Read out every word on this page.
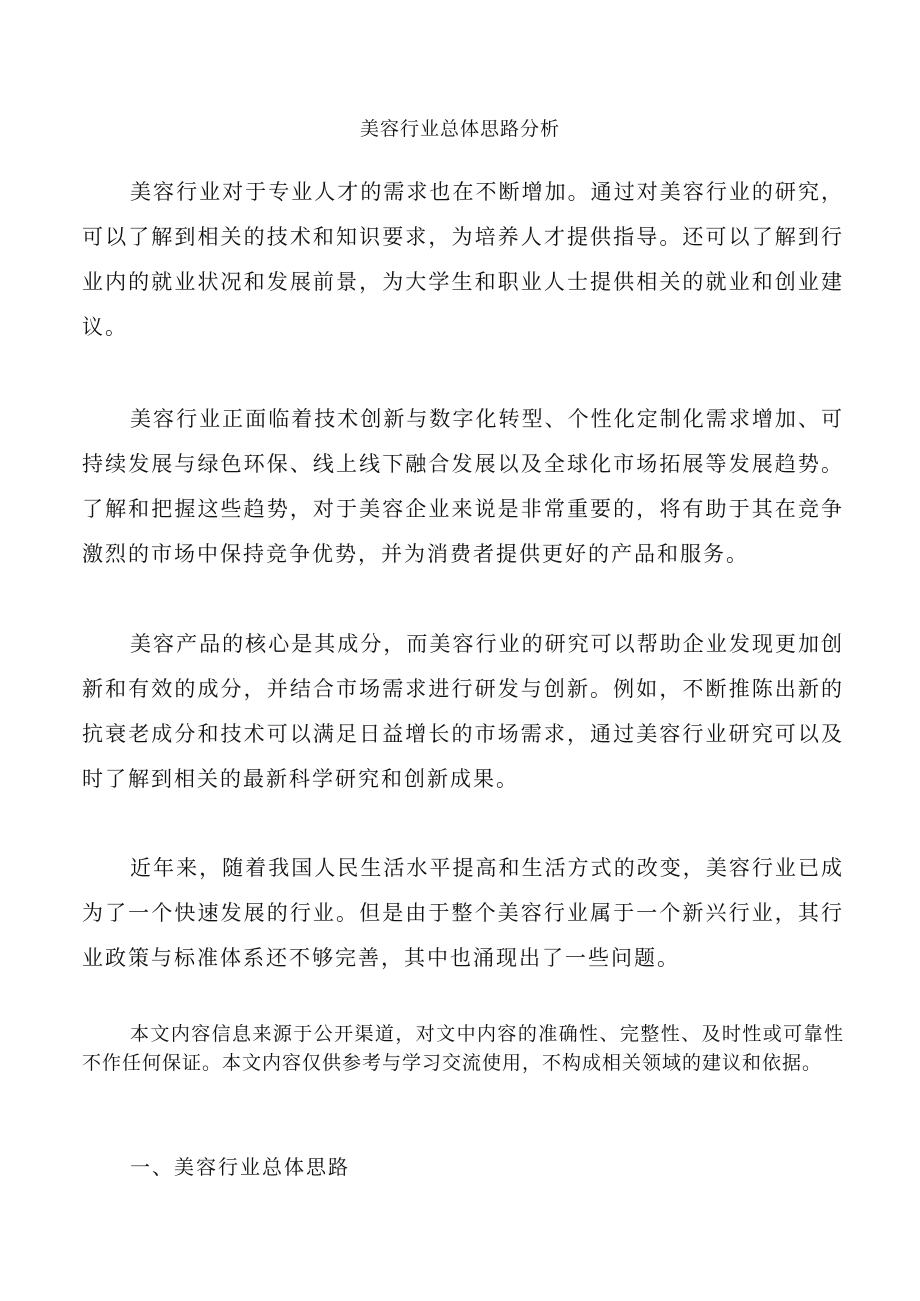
美容行业总体思路分析

美容行业对于专业人才的需求也在不断增加。通过对美容行业的研究，可以了解到相关的技术和知识要求，为培养人才提供指导。还可以了解到行业内的就业状况和发展前景，为大学生和职业人士提供相关的就业和创业建议。

美容行业正面临着技术创新与数字化转型、个性化定制化需求增加、可持续发展与绿色环保、线上线下融合发展以及全球化市场拓展等发展趋势。了解和把握这些趋势，对于美容企业来说是非常重要的，将有助于其在竞争激烈的市场中保持竞争优势，并为消费者提供更好的产品和服务。

美容产品的核心是其成分，而美容行业的研究可以帮助企业发现更加创新和有效的成分，并结合市场需求进行研发与创新。例如，不断推陈出新的抗衰老成分和技术可以满足日益增长的市场需求，通过美容行业研究可以及时了解到相关的最新科学研究和创新成果。

近年来，随着我国人民生活水平提高和生活方式的改变，美容行业已成为了一个快速发展的行业。但是由于整个美容行业属于一个新兴行业，其行业政策与标准体系还不够完善，其中也涌现出了一些问题。

本文内容信息来源于公开渠道，对文中内容的准确性、完整性、及时性或可靠性不作任何保证。本文内容仅供参考与学习交流使用，不构成相关领域的建议和依据。

一、美容行业总体思路
